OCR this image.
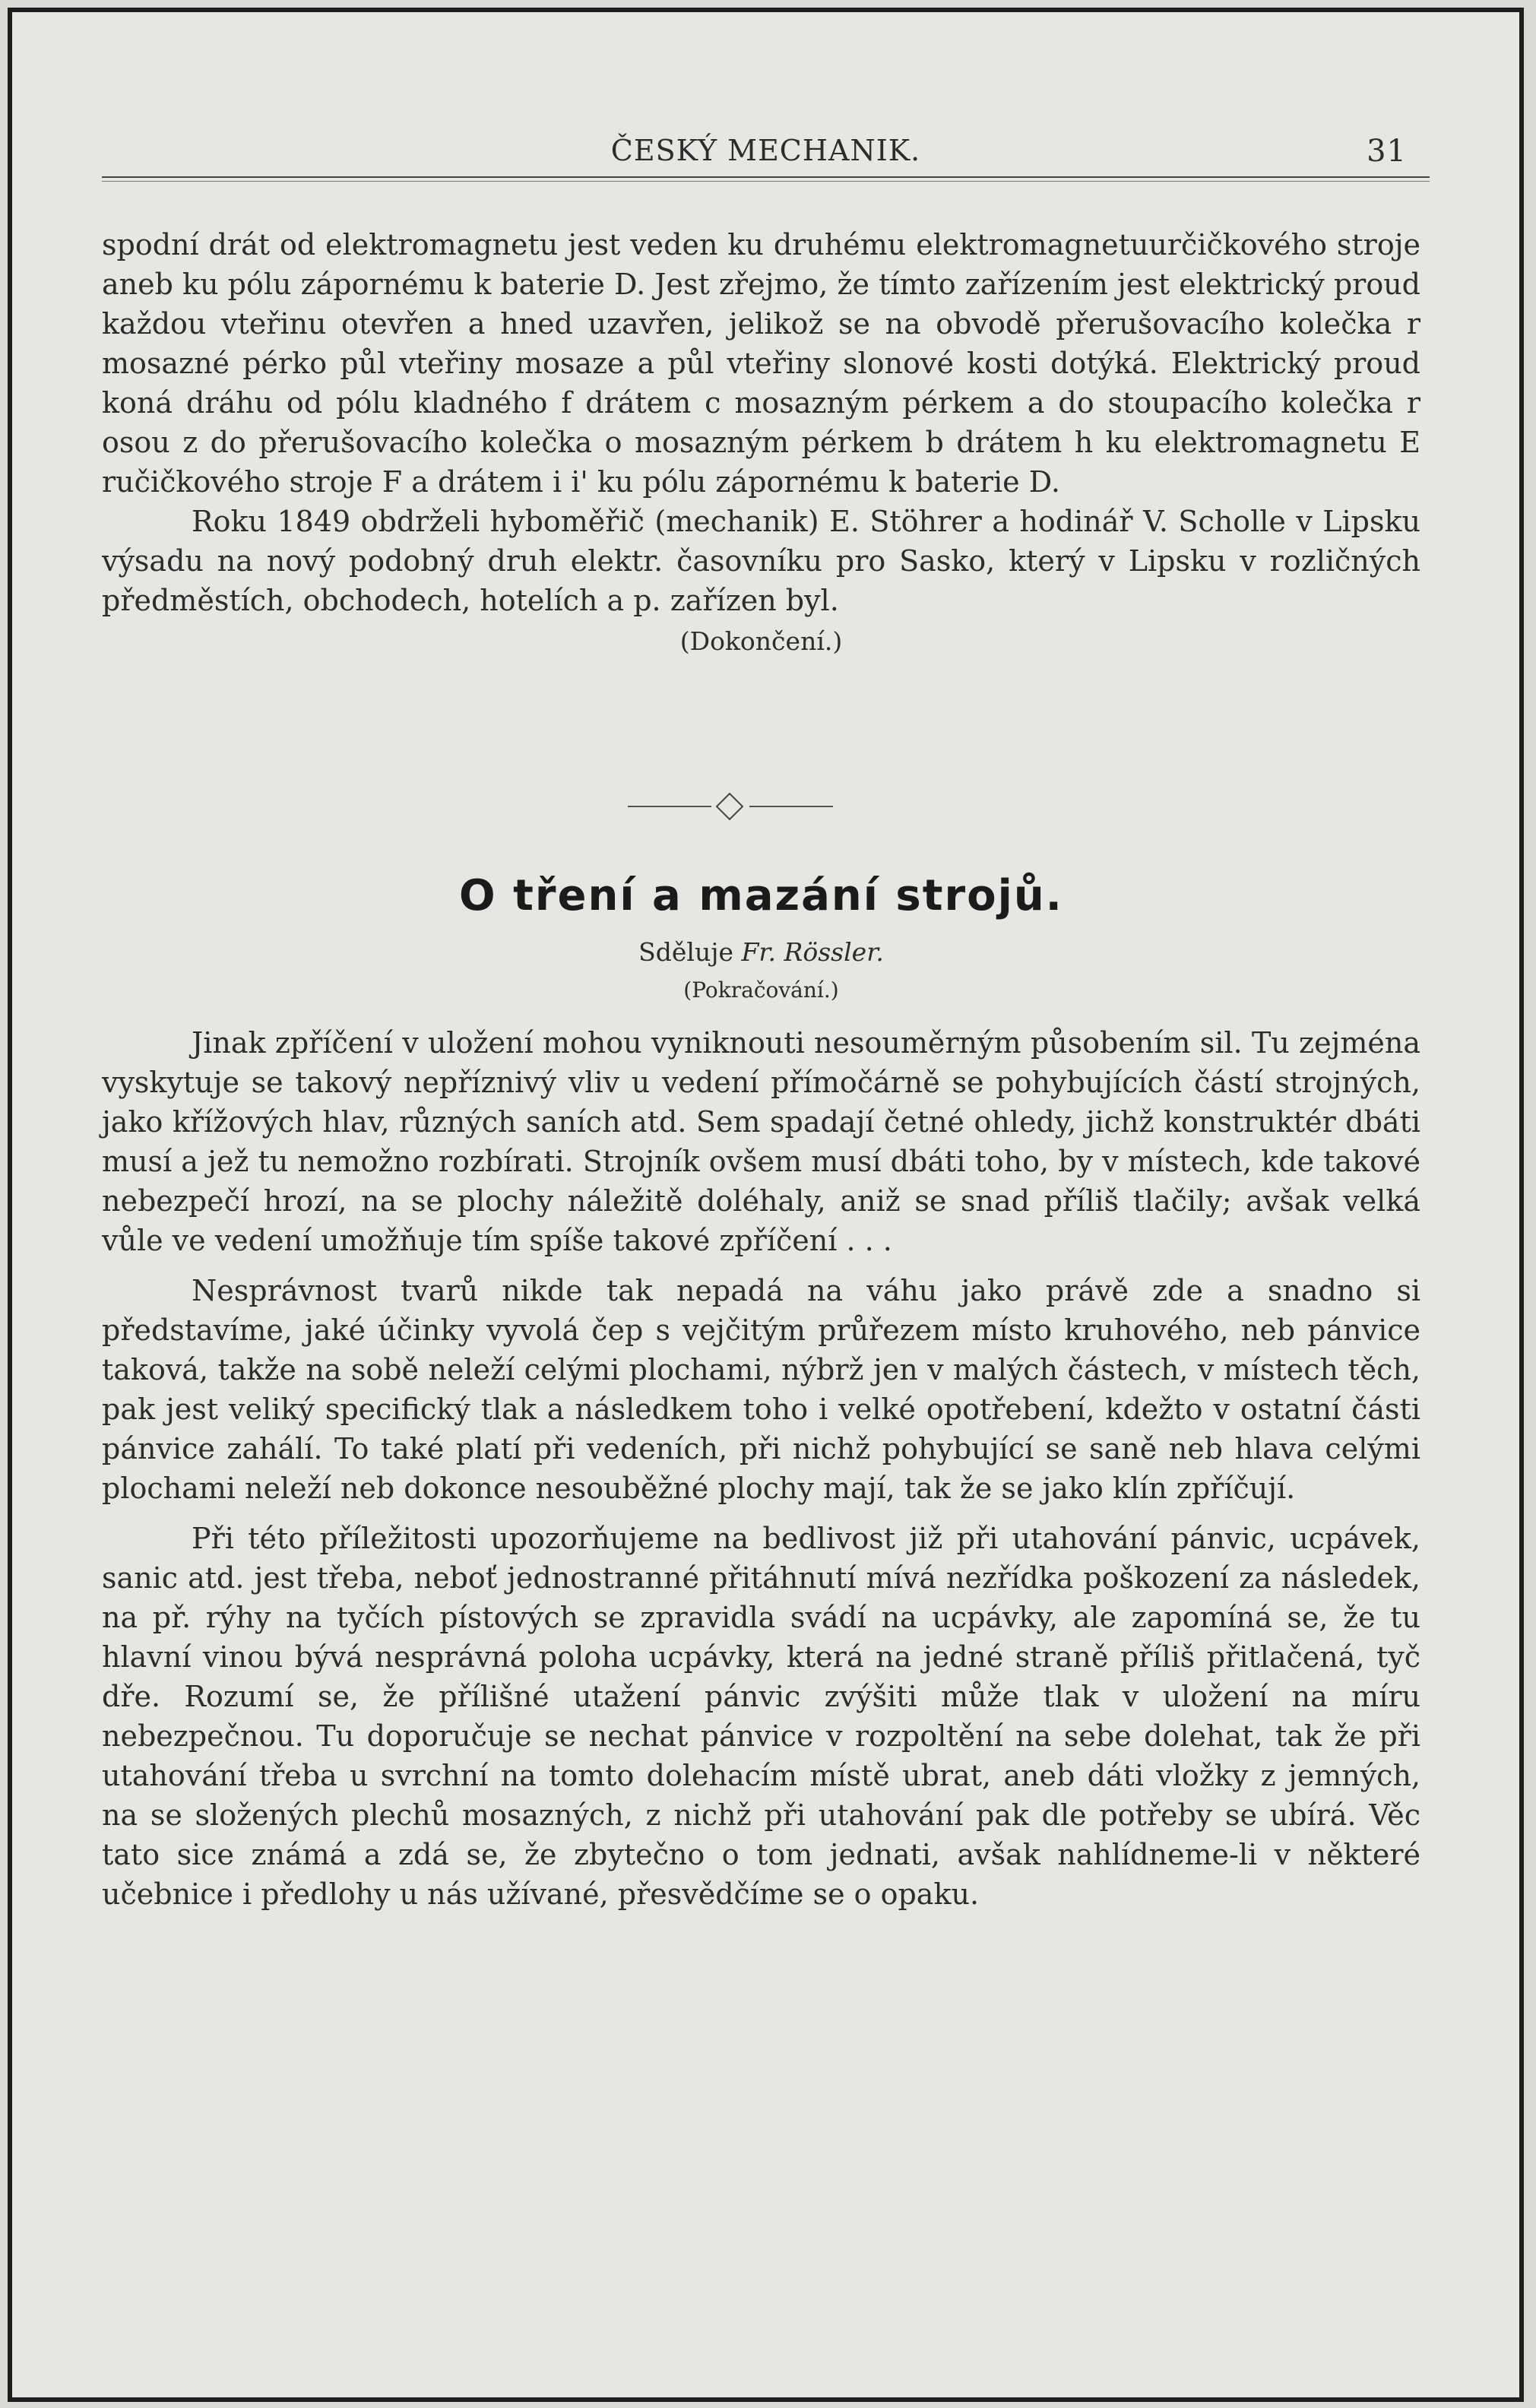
ČESKÝ MECHANIK.	31

spodní drát od elektromagnetu jest veden ku druhému elektromagnetuurčičkového stroje aneb ku pólu zápornému k baterie D. Jest zřejmo, že tímto zařízením jest elektrický proud každou vteřinu otevřen a hned uzavřen, jelikož se na obvodě přerušovacího kolečka r mosazné pérko půl vteřiny mosaze a půl vteřiny slonové kosti dotýká. Elektrický proud koná dráhu od pólu kladného f drátem c mosazným pérkem a do stoupacího kolečka r osou z do přerušovacího kolečka o mosazným pérkem b drátem h ku elektromagnetu E ručičkového stroje F a drátem i i' ku pólu zápornému k baterie D.

Roku 1849 obdrželi hyboměřič (mechanik) E. Stöhrer a hodinář V. Scholle v Lipsku výsadu na nový podobný druh elektr. časovníku pro Sasko, který v Lipsku v rozličných předměstích, obchodech, hotelích a p. zařízen byl.

(Dokončení.)
O tření a mazání strojů.
Sděluje Fr. Rössler.
(Pokračování.)

Jinak zpříčení v uložení mohou vyniknouti nesouměrným působením sil. Tu zejména vyskytuje se takový nepříznivý vliv u vedení přímočárně se pohybujících částí strojných, jako křížových hlav, různých saních atd. Sem spadají četné ohledy, jichž konstruktér dbáti musí a jež tu nemožno rozbírati. Strojník ovšem musí dbáti toho, by v místech, kde takové nebezpečí hrozí, na se plochy náležitě doléhaly, aniž se snad příliš tlačily; avšak velká vůle ve vedení umožňuje tím spíše takové zpříčení . . .

Nesprávnost tvarů nikde tak nepadá na váhu jako právě zde a snadno si představíme, jaké účinky vyvolá čep s vejčitým průřezem místo kruhového, neb pánvice taková, takže na sobě neleží celými plochami, nýbrž jen v malých částech, v místech těch, pak jest veliký specifický tlak a následkem toho i velké opotřebení, kdežto v ostatní části pánvice zahálí. To také platí při vedeních, při nichž pohybující se saně neb hlava celými plochami neleží neb dokonce nesouběžné plochy mají, tak že se jako klín zpříčují.

Při této příležitosti upozorňujeme na bedlivost již při utahování pánvic, ucpávek, sanic atd. jest třeba, neboť jednostranné přitáhnutí mívá nezřídka poškození za následek, na př. rýhy na tyčích pístových se zpravidla svádí na ucpávky, ale zapomíná se, že tu hlavní vinou bývá nesprávná poloha ucpávky, která na jedné straně příliš přitlačená, tyč dře. Rozumí se, že přílišné utažení pánvic zvýšiti může tlak v uložení na míru nebezpečnou. Tu doporučuje se nechat pánvice v rozpoltění na sebe dolehat, tak že při utahování třeba u svrchní na tomto dolehacím místě ubrat, aneb dáti vložky z jemných, na se složených plechů mosazných, z nichž při utahování pak dle potřeby se ubírá. Věc tato sice známá a zdá se, že zbytečno o tom jednati, avšak nahlídneme-li v některé učebnice i předlohy u nás užívané, přesvědčíme se o opaku.
